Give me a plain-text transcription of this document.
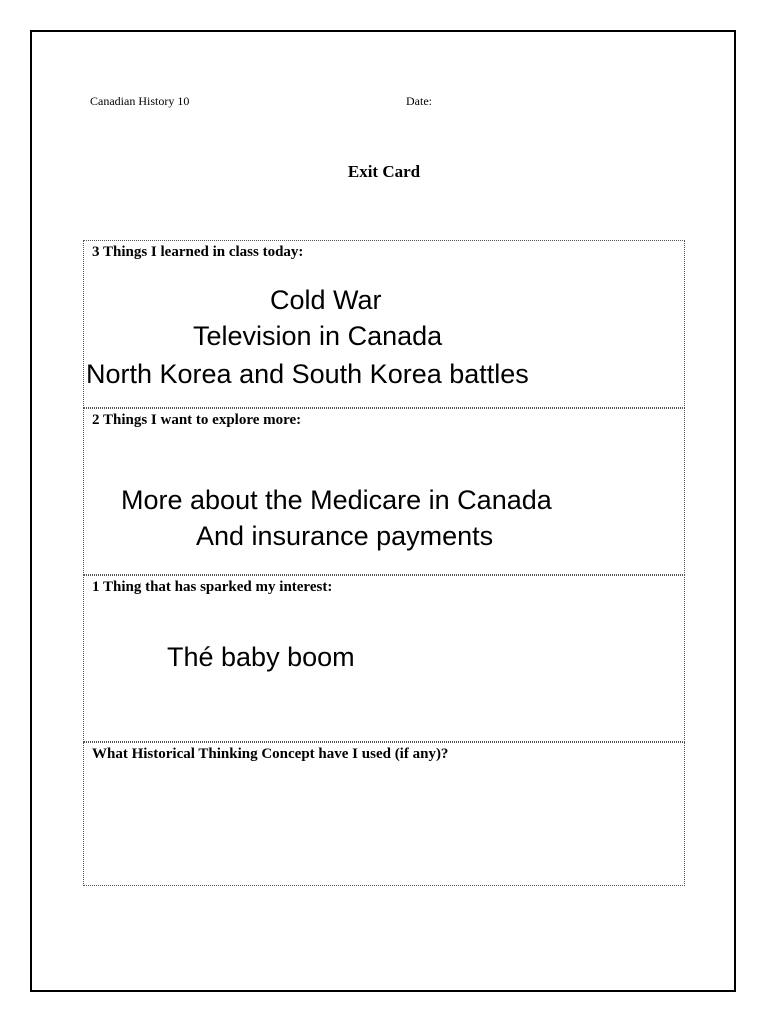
Canadian History 10	Date:
Exit Card
3 Things I learned in class today:
Cold War
Television in Canada
North Korea and South Korea battles
2 Things I want to explore more:
More about the Medicare in Canada
And insurance payments
1 Thing that has sparked my interest:
Thé baby boom
What Historical Thinking Concept have I used (if any)?
